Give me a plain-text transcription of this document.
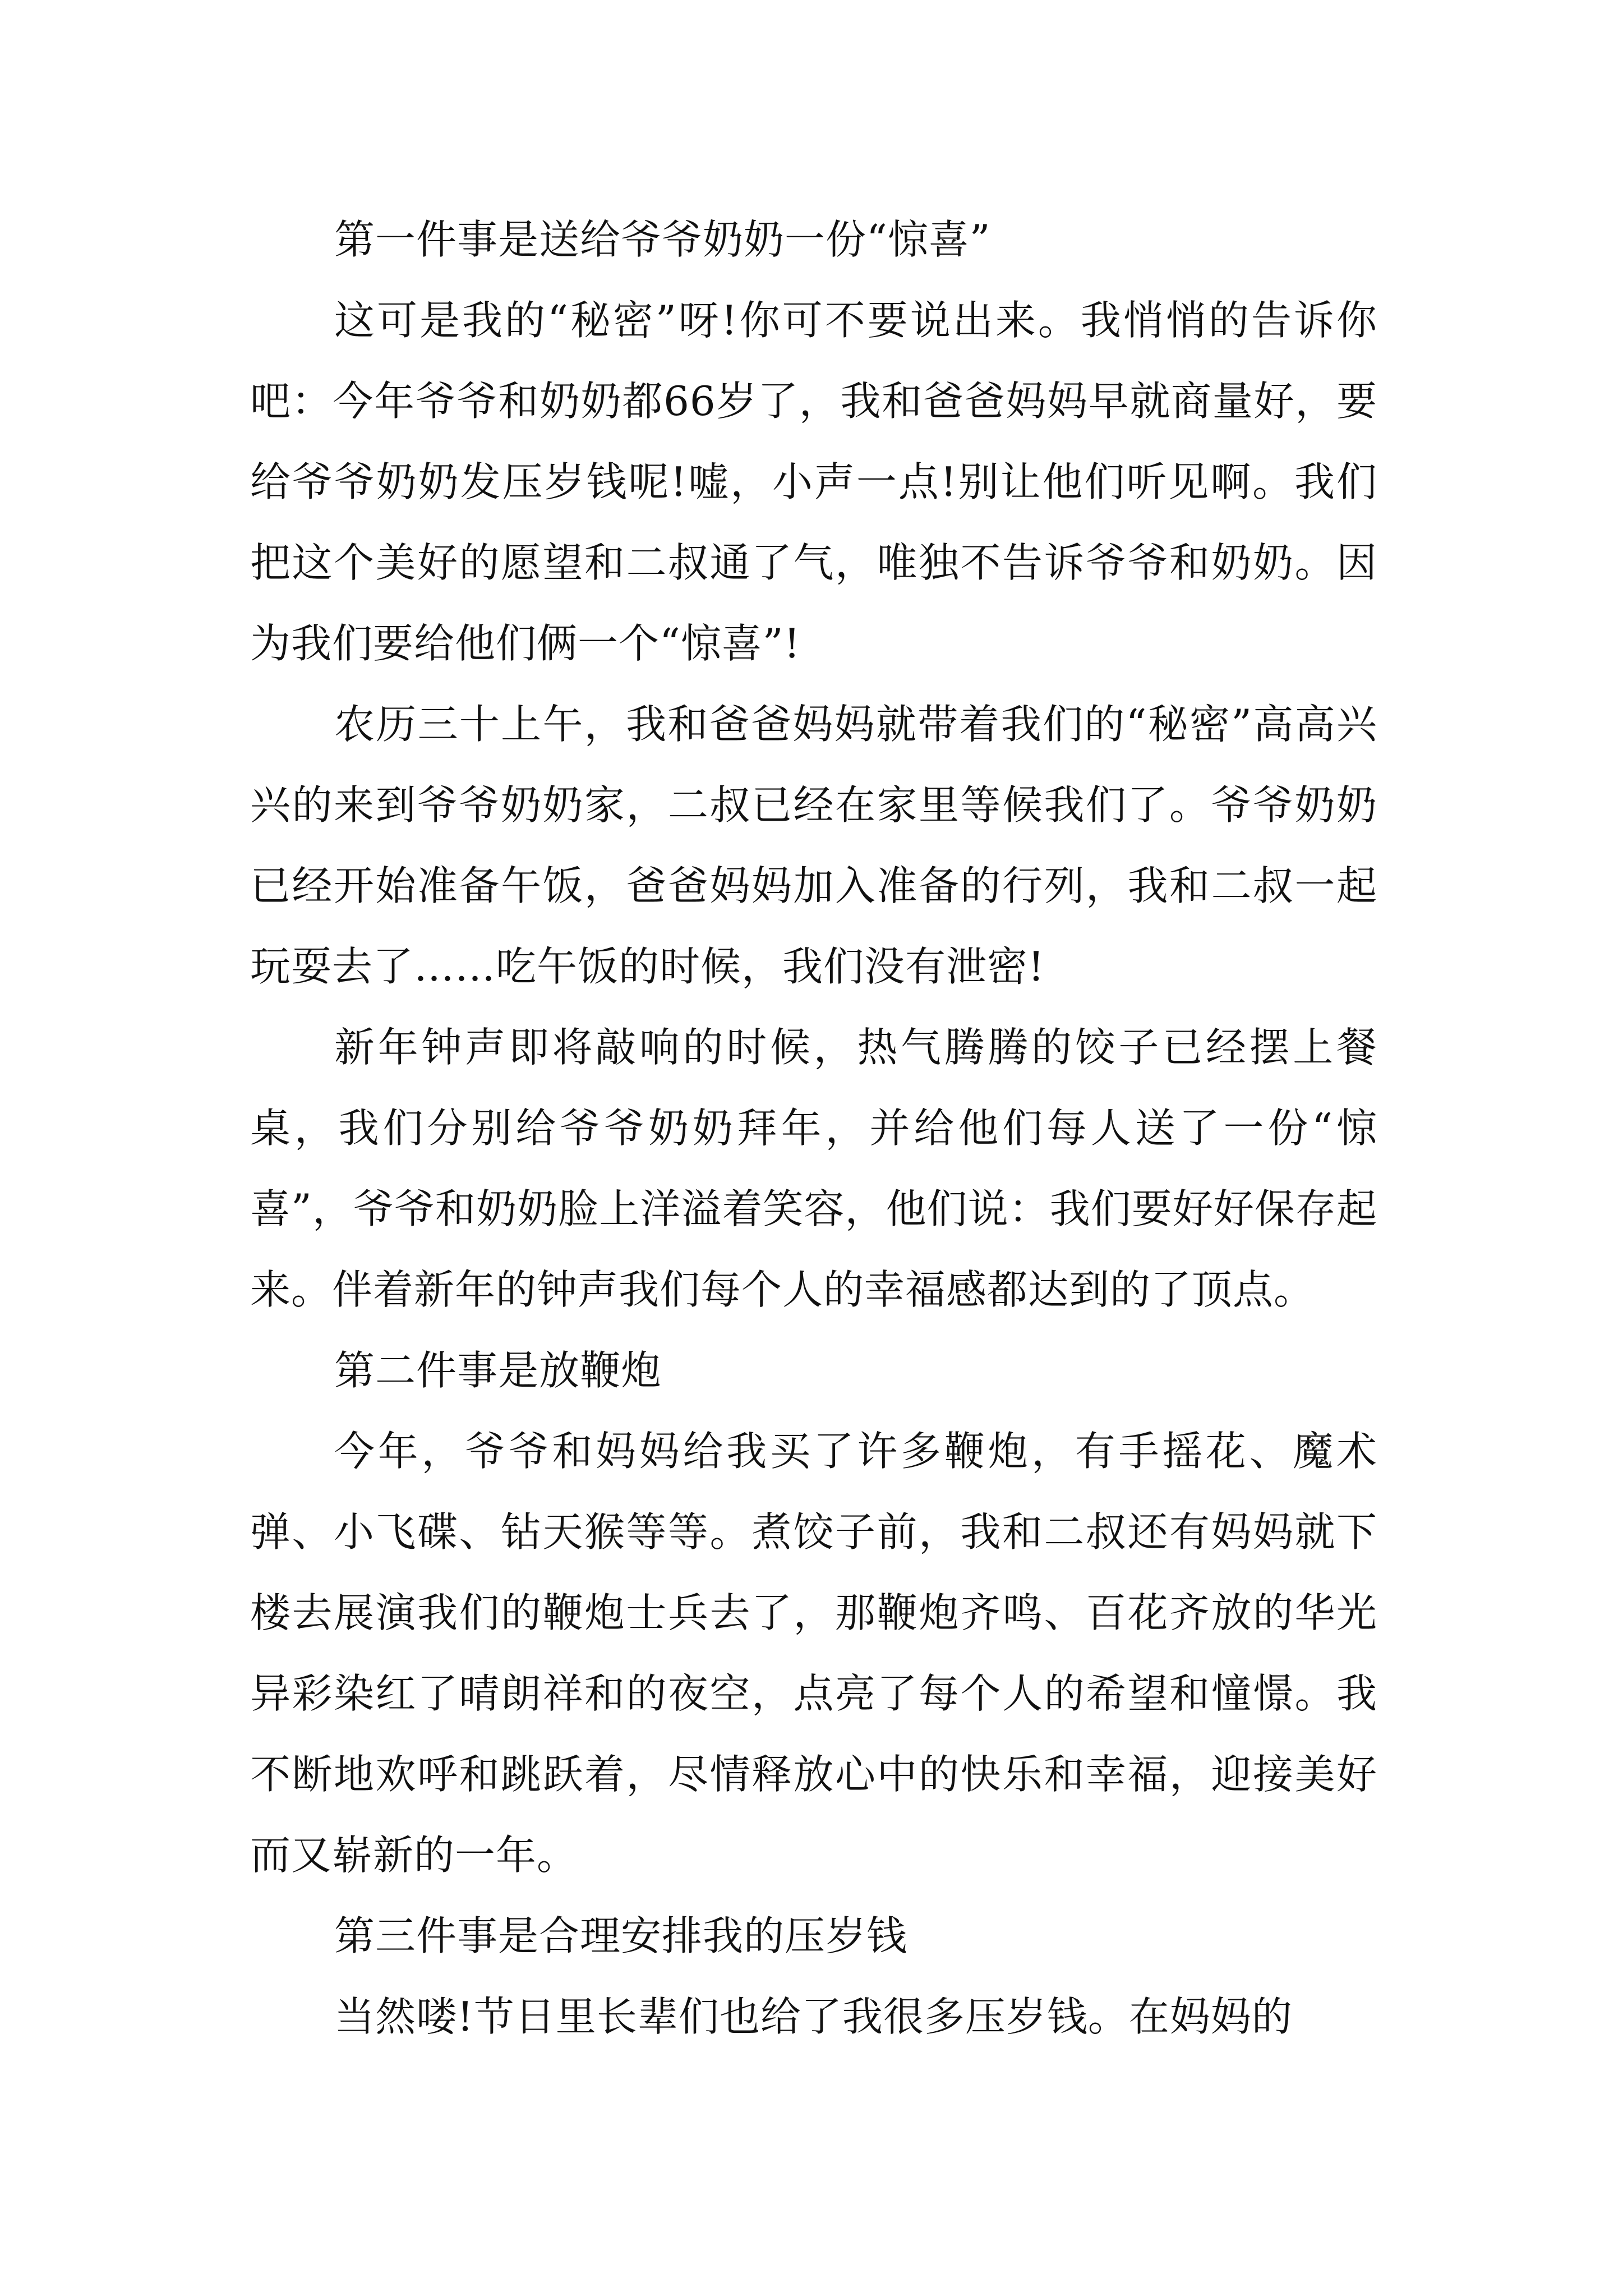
第一件事是送给爷爷奶奶一份“惊喜”

这可是我的“秘密”呀!你可不要说出来。我悄悄的告诉你吧：今年爷爷和奶奶都66岁了，我和爸爸妈妈早就商量好，要给爷爷奶奶发压岁钱呢!嘘，小声一点!别让他们听见啊。我们把这个美好的愿望和二叔通了气，唯独不告诉爷爷和奶奶。因为我们要给他们俩一个“惊喜”!

农历三十上午，我和爸爸妈妈就带着我们的“秘密”高高兴兴的来到爷爷奶奶家，二叔已经在家里等候我们了。爷爷奶奶已经开始准备午饭，爸爸妈妈加入准备的行列，我和二叔一起玩耍去了……吃午饭的时候，我们没有泄密!

新年钟声即将敲响的时候，热气腾腾的饺子已经摆上餐桌，我们分别给爷爷奶奶拜年，并给他们每人送了一份“惊喜”，爷爷和奶奶脸上洋溢着笑容，他们说：我们要好好保存起来。伴着新年的钟声我们每个人的幸福感都达到的了顶点。

第二件事是放鞭炮

今年，爷爷和妈妈给我买了许多鞭炮，有手摇花、魔术弹、小飞碟、钻天猴等等。煮饺子前，我和二叔还有妈妈就下楼去展演我们的鞭炮士兵去了，那鞭炮齐鸣、百花齐放的华光异彩染红了晴朗祥和的夜空，点亮了每个人的希望和憧憬。我不断地欢呼和跳跃着，尽情释放心中的快乐和幸福，迎接美好而又崭新的一年。

第三件事是合理安排我的压岁钱

当然喽!节日里长辈们也给了我很多压岁钱。在妈妈的
